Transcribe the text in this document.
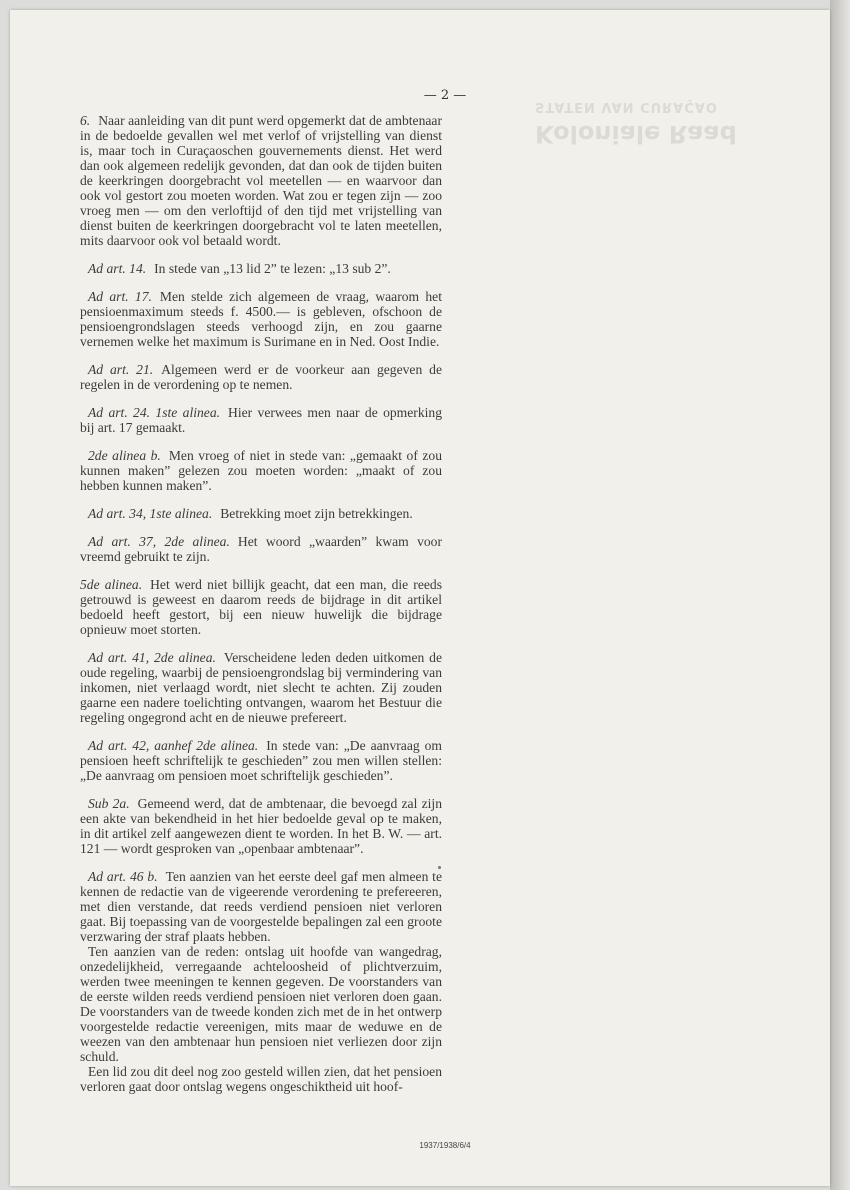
Koloniale Raad
STATEN VAN CURAÇAO
— 2 —

6. Naar aanleiding van dit punt werd opgemerkt dat de ambtenaar in de bedoelde gevallen wel met verlof of vrijstelling van dienst is, maar toch in Curaçaoschen gouvernements dienst. Het werd dan ook algemeen redelijk gevonden, dat dan ook de tijden buiten de keerkringen doorgebracht vol meetellen — en waarvoor dan ook vol gestort zou moeten worden. Wat zou er tegen zijn — zoo vroeg men — om den verloftijd of den tijd met vrijstelling van dienst buiten de keerkringen doorgebracht vol te laten meetellen, mits daarvoor ook vol betaald wordt.

Ad art. 14. In stede van „13 lid 2” te lezen: „13 sub 2”.

Ad art. 17. Men stelde zich algemeen de vraag, waarom het pensioenmaximum steeds f. 4500.— is gebleven, ofschoon de pensioengrondslagen steeds verhoogd zijn, en zou gaarne vernemen welke het maximum is Surimane en in Ned. Oost Indie.

Ad art. 21. Algemeen werd er de voorkeur aan gegeven de regelen in de verordening op te nemen.

Ad art. 24. 1ste alinea. Hier verwees men naar de opmerking bij art. 17 gemaakt.

2de alinea b. Men vroeg of niet in stede van: „gemaakt of zou kunnen maken” gelezen zou moeten worden: „maakt of zou hebben kunnen maken”.

Ad art. 34, 1ste alinea. Betrekking moet zijn betrekkingen.

Ad art. 37, 2de alinea. Het woord „waarden” kwam voor vreemd gebruikt te zijn.

5de alinea. Het werd niet billijk geacht, dat een man, die reeds getrouwd is geweest en daarom reeds de bijdrage in dit artikel bedoeld heeft gestort, bij een nieuw huwelijk die bijdrage opnieuw moet storten.

Ad art. 41, 2de alinea. Verscheidene leden deden uitkomen de oude regeling, waarbij de pensioengrondslag bij vermindering van inkomen, niet verlaagd wordt, niet slecht te achten. Zij zouden gaarne een nadere toelichting ontvangen, waarom het Bestuur die regeling ongegrond acht en de nieuwe prefereert.

Ad art. 42, aanhef 2de alinea. In stede van: „De aanvraag om pensioen heeft schriftelijk te geschieden” zou men willen stellen: „De aanvraag om pensioen moet schriftelijk geschieden”.

Sub 2a. Gemeend werd, dat de ambtenaar, die bevoegd zal zijn een akte van bekendheid in het hier bedoelde geval op te maken, in dit artikel zelf aangewezen dient te worden. In het B. W. — art. 121 — wordt gesproken van „openbaar ambtenaar”.

Ad art. 46 b. Ten aanzien van het eerste deel gaf men almeen te kennen de redactie van de vigeerende verordening te prefereeren, met dien verstande, dat reeds verdiend pensioen niet verloren gaat. Bij toepassing van de voorgestelde bepalingen zal een groote verzwaring der straf plaats hebben.

Ten aanzien van de reden: ontslag uit hoofde van wangedrag, onzedelijkheid, verregaande achteloosheid of plichtverzuim, werden twee meeningen te kennen gegeven. De voorstanders van de eerste wilden reeds verdiend pensioen niet verloren doen gaan. De voorstanders van de tweede konden zich met de in het ontwerp voorgestelde redactie vereenigen, mits maar de weduwe en de weezen van den ambtenaar hun pensioen niet verliezen door zijn schuld.

Een lid zou dit deel nog zoo gesteld willen zien, dat het pensioen verloren gaat door ontslag wegens ongeschiktheid uit hoof-

1937/1938/6/4
